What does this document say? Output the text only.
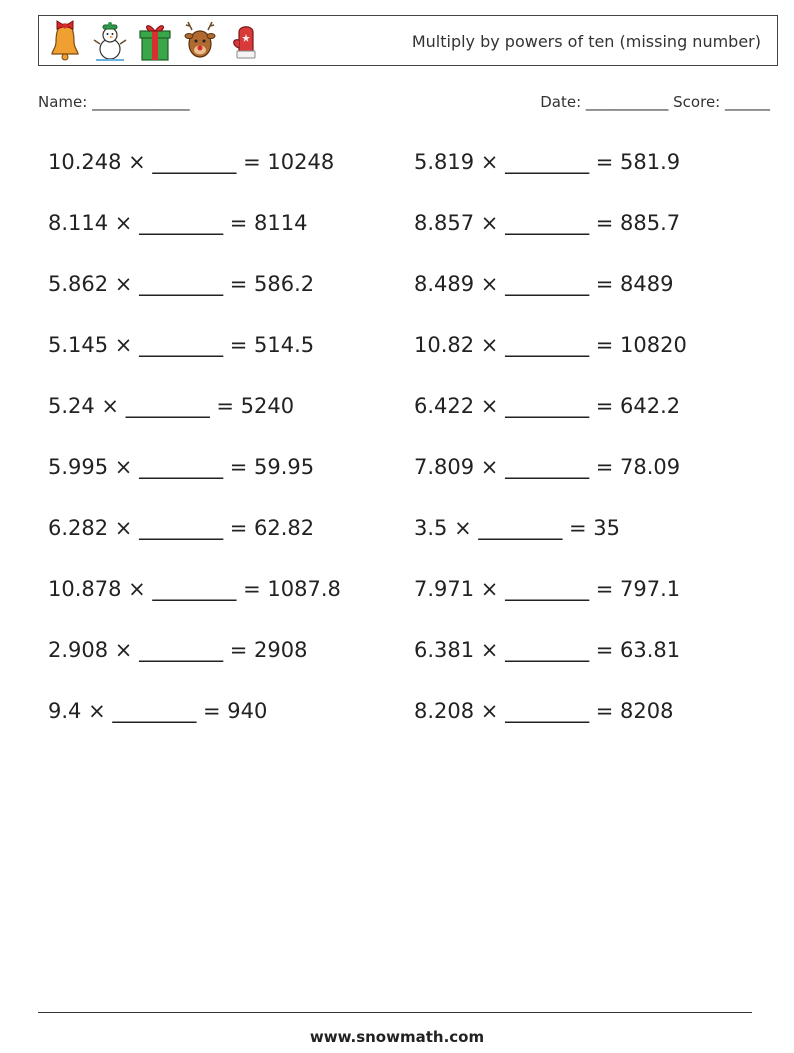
Multiply by powers of ten (missing number)
Name: _____________	Date: ___________ Score: ______
10.248 × ________ = 10248
8.114 × ________ = 8114
5.862 × ________ = 586.2
5.145 × ________ = 514.5
5.24 × ________ = 5240
5.995 × ________ = 59.95
6.282 × ________ = 62.82
10.878 × ________ = 1087.8
2.908 × ________ = 2908
9.4 × ________ = 940
5.819 × ________ = 581.9
8.857 × ________ = 885.7
8.489 × ________ = 8489
10.82 × ________ = 10820
6.422 × ________ = 642.2
7.809 × ________ = 78.09
3.5 × ________ = 35
7.971 × ________ = 797.1
6.381 × ________ = 63.81
8.208 × ________ = 8208
www.snowmath.com
